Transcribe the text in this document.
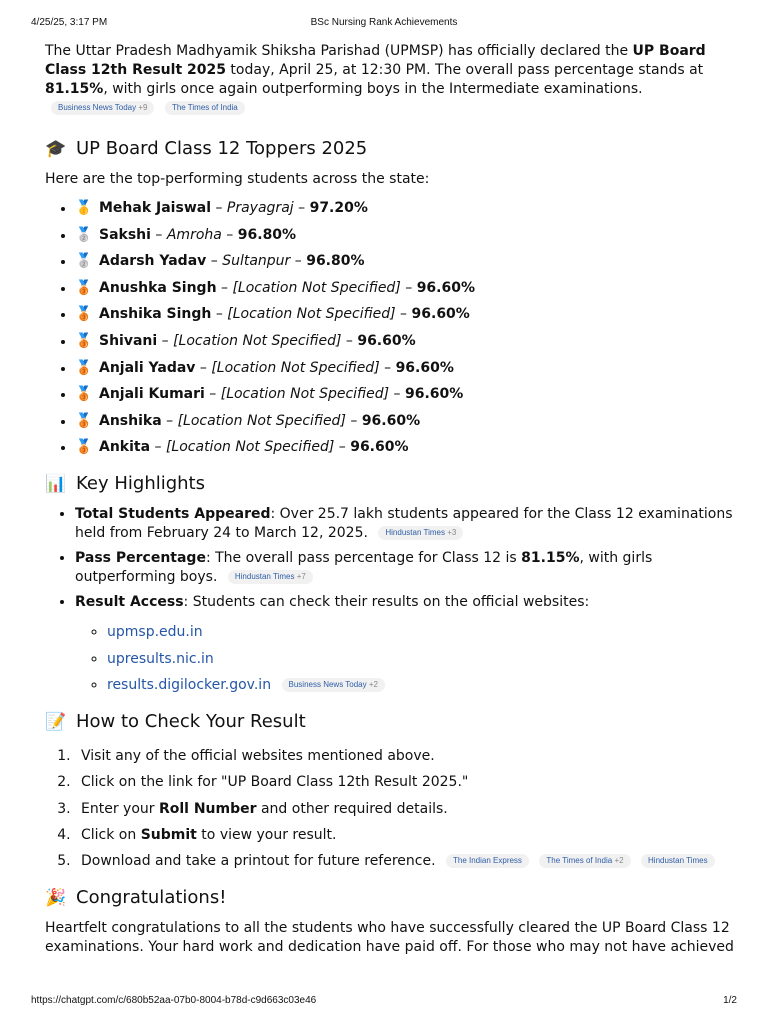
4/25/25, 3:17 PM	BSc Nursing Rank Achievements

The Uttar Pradesh Madhyamik Shiksha Parishad (UPMSP) has officially declared the UP Board Class 12th Result 2025 today, April 25, at 12:30 PM. The overall pass percentage stands at 81.15%, with girls once again outperforming boys in the Intermediate examinations. Business News Today +9	The Times of India

🎓 UP Board Class 12 Toppers 2025

Here are the top-performing students across the state:

• 🥇 Mehak Jaiswal – Prayagraj – 97.20%
• 🥈 Sakshi – Amroha – 96.80%
• 🥈 Adarsh Yadav – Sultanpur – 96.80%
• 🥉 Anushka Singh – [Location Not Specified] – 96.60%
• 🥉 Anshika Singh – [Location Not Specified] – 96.60%
• 🥉 Shivani – [Location Not Specified] – 96.60%
• 🥉 Anjali Yadav – [Location Not Specified] – 96.60%
• 🥉 Anjali Kumari – [Location Not Specified] – 96.60%
• 🥉 Anshika – [Location Not Specified] – 96.60%
• 🥉 Ankita – [Location Not Specified] – 96.60%
📊 Key Highlights
• Total Students Appeared: Over 25.7 lakh students appeared for the Class 12 examinations held from February 24 to March 12, 2025. Hindustan Times +3
• Pass Percentage: The overall pass percentage for Class 12 is 81.15%, with girls outperforming boys. Hindustan Times +7
• Result Access: Students can check their results on the official websites:
◦ upmsp.edu.in
◦ upresults.nic.in
◦ results.digilocker.gov.in Business News Today +2
📝 How to Check Your Result
1. Visit any of the official websites mentioned above.
2. Click on the link for "UP Board Class 12th Result 2025."
3. Enter your Roll Number and other required details.
4. Click on Submit to view your result.
5. Download and take a printout for future reference. The Indian Express	The Times of India +2	Hindustan Times
🎉 Congratulations!

Heartfelt congratulations to all the students who have successfully cleared the UP Board Class 12 examinations. Your hard work and dedication have paid off. For those who may not have achieved

https://chatgpt.com/c/680b52aa-07b0-8004-b78d-c9d663c03e46	1/2
